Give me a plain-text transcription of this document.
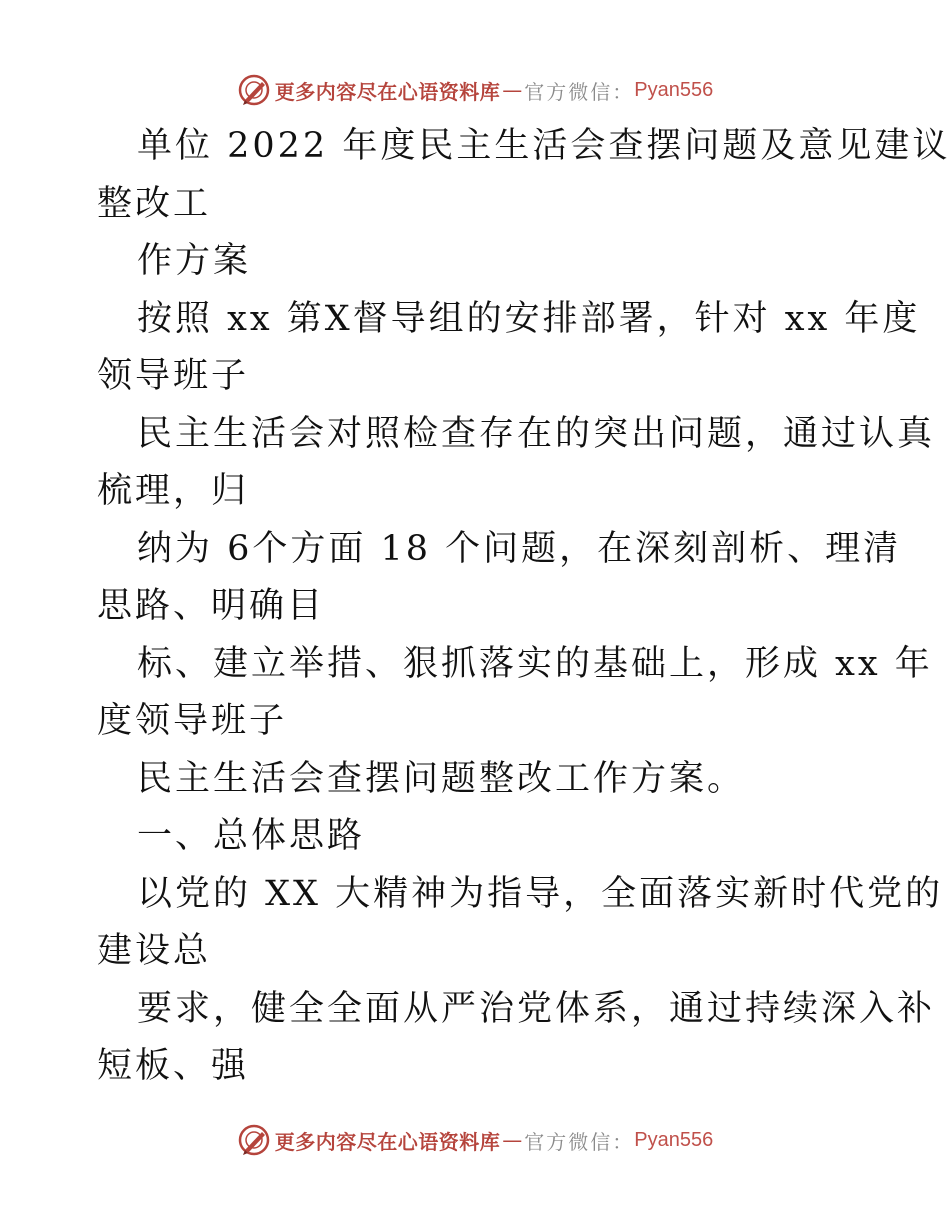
更多内容尽在心语资料库 — 官方微信： Pyan556
单位 2022 年度民主生活会查摆问题及意见建议
整改工
作方案
按照 xx 第X督导组的安排部署，针对 xx 年度
领导班子
民主生活会对照检查存在的突出问题，通过认真
梳理，归
纳为 6个方面 18 个问题，在深刻剖析、理清
思路、明确目
标、建立举措、狠抓落实的基础上，形成 xx 年
度领导班子
民主生活会查摆问题整改工作方案。
一、总体思路
以党的 XX 大精神为指导，全面落实新时代党的
建设总
要求，健全全面从严治党体系，通过持续深入补
短板、强
更多内容尽在心语资料库 — 官方微信： Pyan556
